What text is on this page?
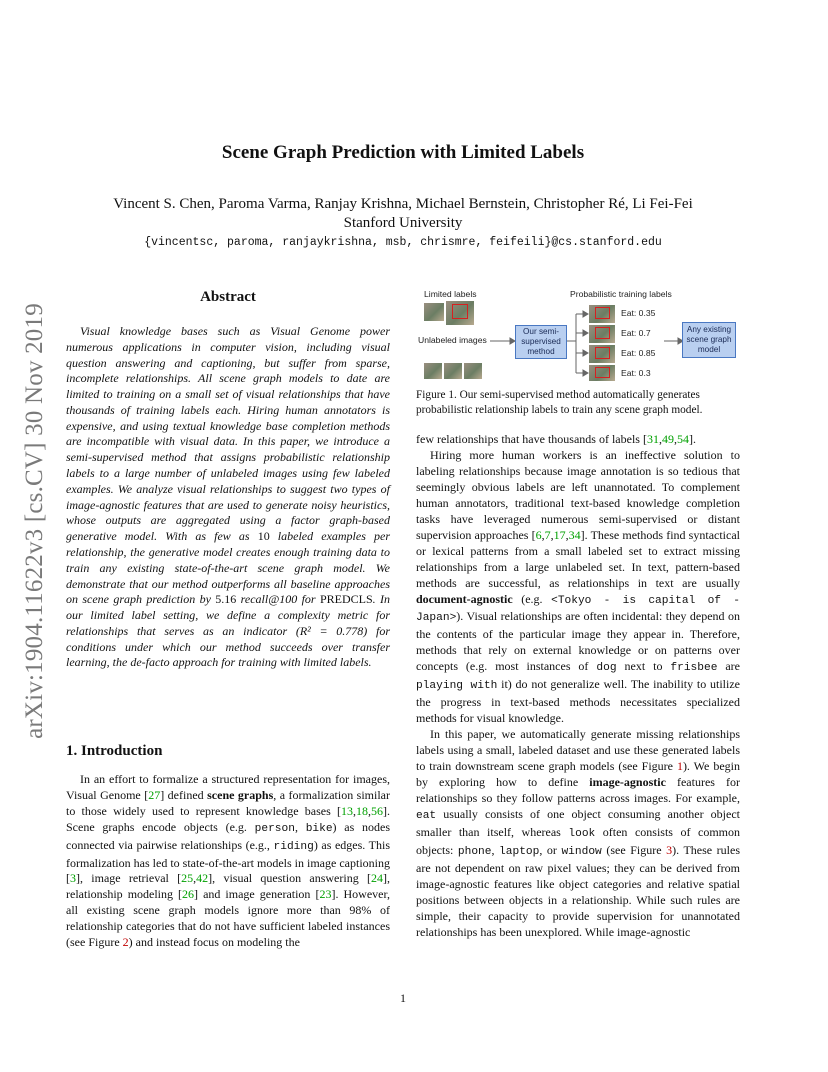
arXiv:1904.11622v3 [cs.CV] 30 Nov 2019
Scene Graph Prediction with Limited Labels
Vincent S. Chen, Paroma Varma, Ranjay Krishna, Michael Bernstein, Christopher Ré, Li Fei-Fei
Stanford University
{vincentsc, paroma, ranjaykrishna, msb, chrismre, feifeili}@cs.stanford.edu
Abstract

Visual knowledge bases such as Visual Genome power numerous applications in computer vision, including visual question answering and captioning, but suffer from sparse, incomplete relationships. All scene graph models to date are limited to training on a small set of visual relationships that have thousands of training labels each. Hiring human annotators is expensive, and using textual knowledge base completion methods are incompatible with visual data. In this paper, we introduce a semi-supervised method that assigns probabilistic relationship labels to a large number of unlabeled images using few labeled examples. We analyze visual relationships to suggest two types of image-agnostic features that are used to generate noisy heuristics, whose outputs are aggregated using a factor graph-based generative model. With as few as 10 labeled examples per relationship, the generative model creates enough training data to train any existing state-of-the-art scene graph model. We demonstrate that our method outperforms all baseline approaches on scene graph prediction by 5.16 recall@100 for PREDCLS. In our limited label setting, we define a complexity metric for relationships that serves as an indicator (R² = 0.778) for conditions under which our method succeeds over transfer learning, the de-facto approach for training with limited labels.

1. Introduction

In an effort to formalize a structured representation for images, Visual Genome [27] defined scene graphs, a formalization similar to those widely used to represent knowledge bases [13,18,56]. Scene graphs encode objects (e.g. person, bike) as nodes connected via pairwise relationships (e.g., riding) as edges. This formalization has led to state-of-the-art models in image captioning [3], image retrieval [25,42], visual question answering [24], relationship modeling [26] and image generation [23]. However, all existing scene graph models ignore more than 98% of relationship categories that do not have sufficient labeled instances (see Figure 2) and instead focus on modeling the

Limited labels
Unlabeled images
Our semi-supervised method
Probabilistic training labels
Eat: 0.35
Eat: 0.7
Eat: 0.85
Eat: 0.3
Any existing scene graph model

Figure 1. Our semi-supervised method automatically generates probabilistic relationship labels to train any scene graph model.

few relationships that have thousands of labels [31,49,54].

Hiring more human workers is an ineffective solution to labeling relationships because image annotation is so tedious that seemingly obvious labels are left unannotated. To complement human annotators, traditional text-based knowledge completion tasks have leveraged numerous semi-supervised or distant supervision approaches [6,7,17,34]. These methods find syntactical or lexical patterns from a small labeled set to extract missing relationships from a large unlabeled set. In text, pattern-based methods are successful, as relationships in text are usually document-agnostic (e.g. <Tokyo - is capital of - Japan>). Visual relationships are often incidental: they depend on the contents of the particular image they appear in. Therefore, methods that rely on external knowledge or on patterns over concepts (e.g. most instances of dog next to frisbee are playing with it) do not generalize well. The inability to utilize the progress in text-based methods necessitates specialized methods for visual knowledge.

In this paper, we automatically generate missing relationships labels using a small, labeled dataset and use these generated labels to train downstream scene graph models (see Figure 1). We begin by exploring how to define image-agnostic features for relationships so they follow patterns across images. For example, eat usually consists of one object consuming another object smaller than itself, whereas look often consists of common objects: phone, laptop, or window (see Figure 3). These rules are not dependent on raw pixel values; they can be derived from image-agnostic features like object categories and relative spatial positions between objects in a relationship. While such rules are simple, their capacity to provide supervision for unannotated relationships has been unexplored. While image-agnostic

1
